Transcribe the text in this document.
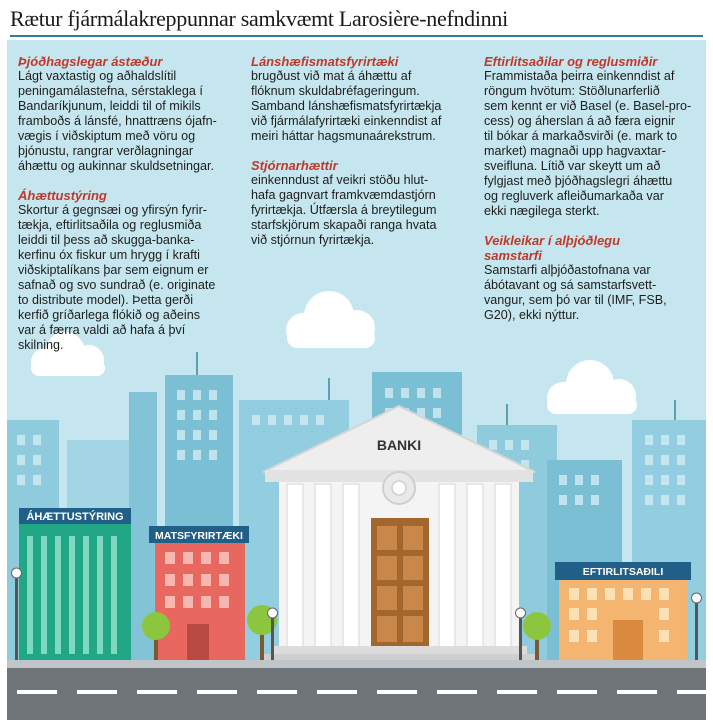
Rætur fjármálakreppunnar samkvæmt Larosière-nefndinni
ÁHÆTTUSTÝRING
MATSFYRIRTÆKI
BANKI
EFTIRLITSAÐILI
Þjóðhagslegar ástæður

Lágt vaxtastig og aðhaldslítil
peningamálastefna, sérstaklega í
Bandaríkjunum, leiddi til of mikils
framboðs á lánsfé, hnattræns ójafn-
vægis í viðskiptum með vöru og
þjónustu, rangrar verðlagningar
áhættu og aukinnar skuldsetningar.

Áhættustýring

Skortur á gegnsæi og yfirsýn fyrir-
tækja, eftirlitsaðila og reglusmiða
leiddi til þess að skugga-banka-
kerfinu óx fiskur um hrygg í krafti
viðskiptalíkans þar sem eignum er
safnað og svo sundrað (e. originate
to distribute model). Þetta gerði
kerfið gríðarlega flókið og aðeins
var á færra valdi að hafa á því
skilning.

Lánshæfismatsfyrirtæki

brugðust við mat á áhættu af
flóknum skuldabréfageringum.
Samband lánshæfismatsfyrirtækja
við fjármálafyrirtæki einkenndist af
meiri háttar hagsmunaárekstrum.

Stjórnarhættir

einkenndust af veikri stöðu hlut-
hafa gagnvart framkvæmdastjórn
fyrirtækja. Útfærsla á breytilegum
starfskjörum skapaði ranga hvata
við stjórnun fyrirtækja.

Eftirlitsaðilar og reglusmiðir

Frammistaða þeirra einkenndist af
röngum hvötum: Stöðlunarferlið
sem kennt er við Basel (e. Basel-pro-
cess) og áherslan á að færa eignir
til bókar á markaðsvirði (e. mark to
market) magnaði upp hagvaxtar-
sveifluna. Lítið var skeytt um að
fylgjast með þjóðhagslegri áhættu
og regluverk afleiðumarkaða var
ekki nægilega sterkt.

Veikleikar í alþjóðlegu samstarfi

Samstarfi alþjóðastofnana var
ábótavant og sá samstarfsvett-
vangur, sem þó var til (IMF, FSB,
G20), ekki nýttur.
